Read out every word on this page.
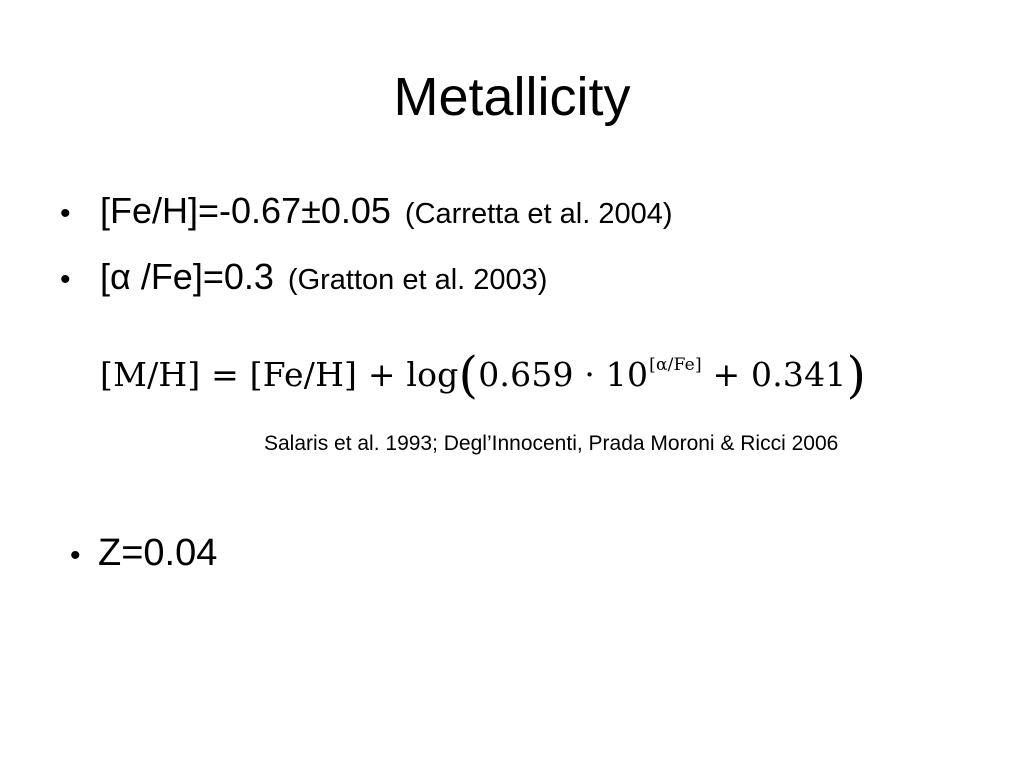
Metallicity
• [Fe/H]=-0.67±0.05 (Carretta et al. 2004)
• [α /Fe]=0.3 (Gratton et al. 2003)
[M/H] = [Fe/H] + log(0.659 · 10[α/Fe] + 0.341)
Salaris et al. 1993; Degl’Innocenti, Prada Moroni & Ricci 2006
• Z=0.04
